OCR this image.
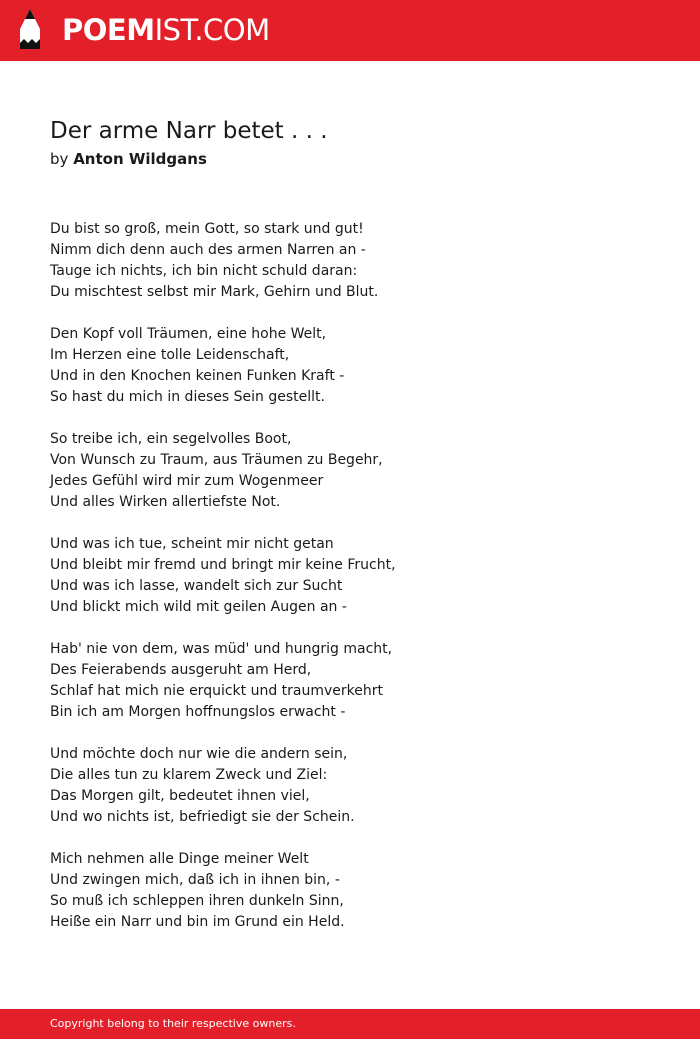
POEMIST.COM
Der arme Narr betet . . .
by Anton Wildgans
Du bist so groß, mein Gott, so stark und gut!
Nimm dich denn auch des armen Narren an -
Tauge ich nichts, ich bin nicht schuld daran:
Du mischtest selbst mir Mark, Gehirn und Blut.
Den Kopf voll Träumen, eine hohe Welt,
Im Herzen eine tolle Leidenschaft,
Und in den Knochen keinen Funken Kraft -
So hast du mich in dieses Sein gestellt.
So treibe ich, ein segelvolles Boot,
Von Wunsch zu Traum, aus Träumen zu Begehr,
Jedes Gefühl wird mir zum Wogenmeer
Und alles Wirken allertiefste Not.
Und was ich tue, scheint mir nicht getan
Und bleibt mir fremd und bringt mir keine Frucht,
Und was ich lasse, wandelt sich zur Sucht
Und blickt mich wild mit geilen Augen an -
Hab' nie von dem, was müd' und hungrig macht,
Des Feierabends ausgeruht am Herd,
Schlaf hat mich nie erquickt und traumverkehrt
Bin ich am Morgen hoffnungslos erwacht -
Und möchte doch nur wie die andern sein,
Die alles tun zu klarem Zweck und Ziel:
Das Morgen gilt, bedeutet ihnen viel,
Und wo nichts ist, befriedigt sie der Schein.
Mich nehmen alle Dinge meiner Welt
Und zwingen mich, daß ich in ihnen bin, -
So muß ich schleppen ihren dunkeln Sinn,
Heiße ein Narr und bin im Grund ein Held.
Copyright belong to their respective owners.
